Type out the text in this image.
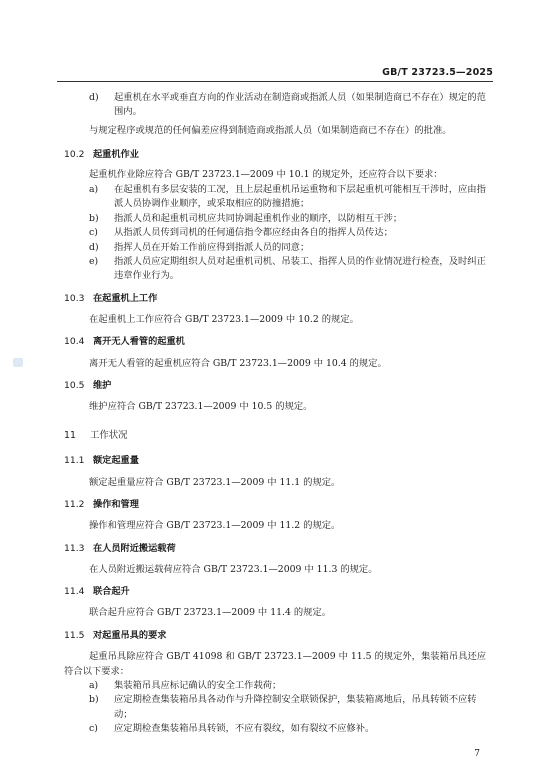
GB/T 23723.5—2025
d) 起重机在水平或垂直方向的作业活动在制造商或指派人员（如果制造商已不存在）规定的范围内。
与规定程序或规范的任何偏差应得到制造商或指派人员（如果制造商已不存在）的批准。
10.2 起重机作业
起重机作业除应符合 GB/T 23723.1—2009 中 10.1 的规定外，还应符合以下要求：
a) 在起重机有多层安装的工况，且上层起重机吊运重物和下层起重机可能相互干涉时，应由指派人员协调作业顺序，或采取相应的防撞措施；
b) 指派人员和起重机司机应共同协调起重机作业的顺序，以防相互干涉；
c) 从指派人员传到司机的任何通信指令都应经由各自的指挥人员传达；
d) 指挥人员在开始工作前应得到指派人员的同意；
e) 指派人员应定期组织人员对起重机司机、吊装工、指挥人员的作业情况进行检查，及时纠正违章作业行为。
10.3 在起重机上工作
在起重机上工作应符合 GB/T 23723.1—2009 中 10.2 的规定。
10.4 离开无人看管的起重机
离开无人看管的起重机应符合 GB/T 23723.1—2009 中 10.4 的规定。
10.5 维护
维护应符合 GB/T 23723.1—2009 中 10.5 的规定。
11 工作状况
11.1 额定起重量
额定起重量应符合 GB/T 23723.1—2009 中 11.1 的规定。
11.2 操作和管理
操作和管理应符合 GB/T 23723.1—2009 中 11.2 的规定。
11.3 在人员附近搬运载荷
在人员附近搬运载荷应符合 GB/T 23723.1—2009 中 11.3 的规定。
11.4 联合起升
联合起升应符合 GB/T 23723.1—2009 中 11.4 的规定。
11.5 对起重吊具的要求
起重吊具除应符合 GB/T 41098 和 GB/T 23723.1—2009 中 11.5 的规定外，集装箱吊具还应符合以下要求：
a) 集装箱吊具应标记确认的安全工作载荷；
b) 应定期检查集装箱吊具各动作与升降控制安全联锁保护，集装箱离地后，吊具转锁不应转动；
c) 应定期检查集装箱吊具转锁，不应有裂纹，如有裂纹不应修补。
7
